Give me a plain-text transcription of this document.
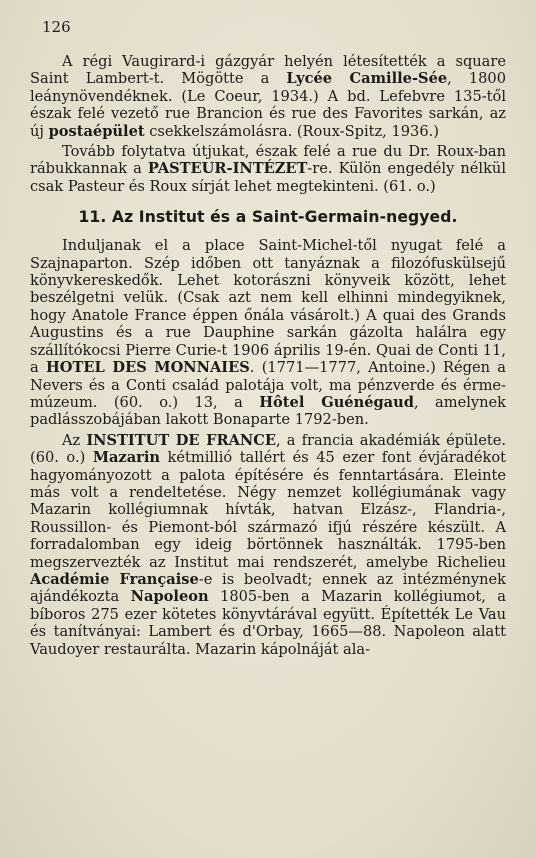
126

A régi Vaugirard-i gázgyár helyén létesítették a square Saint Lambert-t. Mögötte a Lycée Camille-Sée, 1800 leánynövendéknek. (Le Coeur, 1934.) A bd. Lefebvre 135-től észak felé vezető rue Brancion és rue des Favorites sarkán, az új postaépület csekkelszámolásra. (Roux-Spitz, 1936.)

Tovább folytatva útjukat, észak felé a rue du Dr. Roux-ban rábukkannak a PASTEUR-INTÉZET-re. Külön engedély nélkül csak Pasteur és Roux sírját lehet megtekinteni. (61. o.)

11. Az Institut és a Saint-Germain-negyed.

Induljanak el a place Saint-Michel-től nyugat felé a Szajnaparton. Szép időben ott tanyáznak a filozófuskülsejű könyvkereskedők. Lehet kotorászni könyveik között, lehet beszélgetni velük. (Csak azt nem kell elhinni mindegyiknek, hogy Anatole France éppen őnála vásárolt.) A quai des Grands Augustins és a rue Dauphine sarkán gázolta halálra egy szállítókocsi Pierre Curie-t 1906 április 19-én. Quai de Conti 11, a HOTEL DES MONNAIES. (1771—1777, Antoine.) Régen a Nevers és a Conti család palotája volt, ma pénzverde és érme-múzeum. (60. o.) 13, a Hôtel Guénégaud, amelynek padlásszobájában lakott Bonaparte 1792-ben.

Az INSTITUT DE FRANCE, a francia akadémiák épülete. (60. o.) Mazarin kétmillió tallért és 45 ezer font évjáradékot hagyományozott a palota építésére és fenntartására. Eleinte más volt a rendeltetése. Négy nemzet kollégiumának vagy Mazarin kollégiumnak hívták, hatvan Elzász-, Flandria-, Roussillon- és Piemont-ból származó ifjú részére készült. A forradalomban egy ideig börtönnek használták. 1795-ben megszervezték az Institut mai rendszerét, amelybe Richelieu Académie Française-e is beolvadt; ennek az intézménynek ajándékozta Napoleon 1805-ben a Mazarin kollégiumot, a bíboros 275 ezer kötetes könyvtárával együtt. Építették Le Vau és tanítványai: Lambert és d'Orbay, 1665—88. Napoleon alatt Vaudoyer restaurálta. Mazarin kápolnáját ala-
